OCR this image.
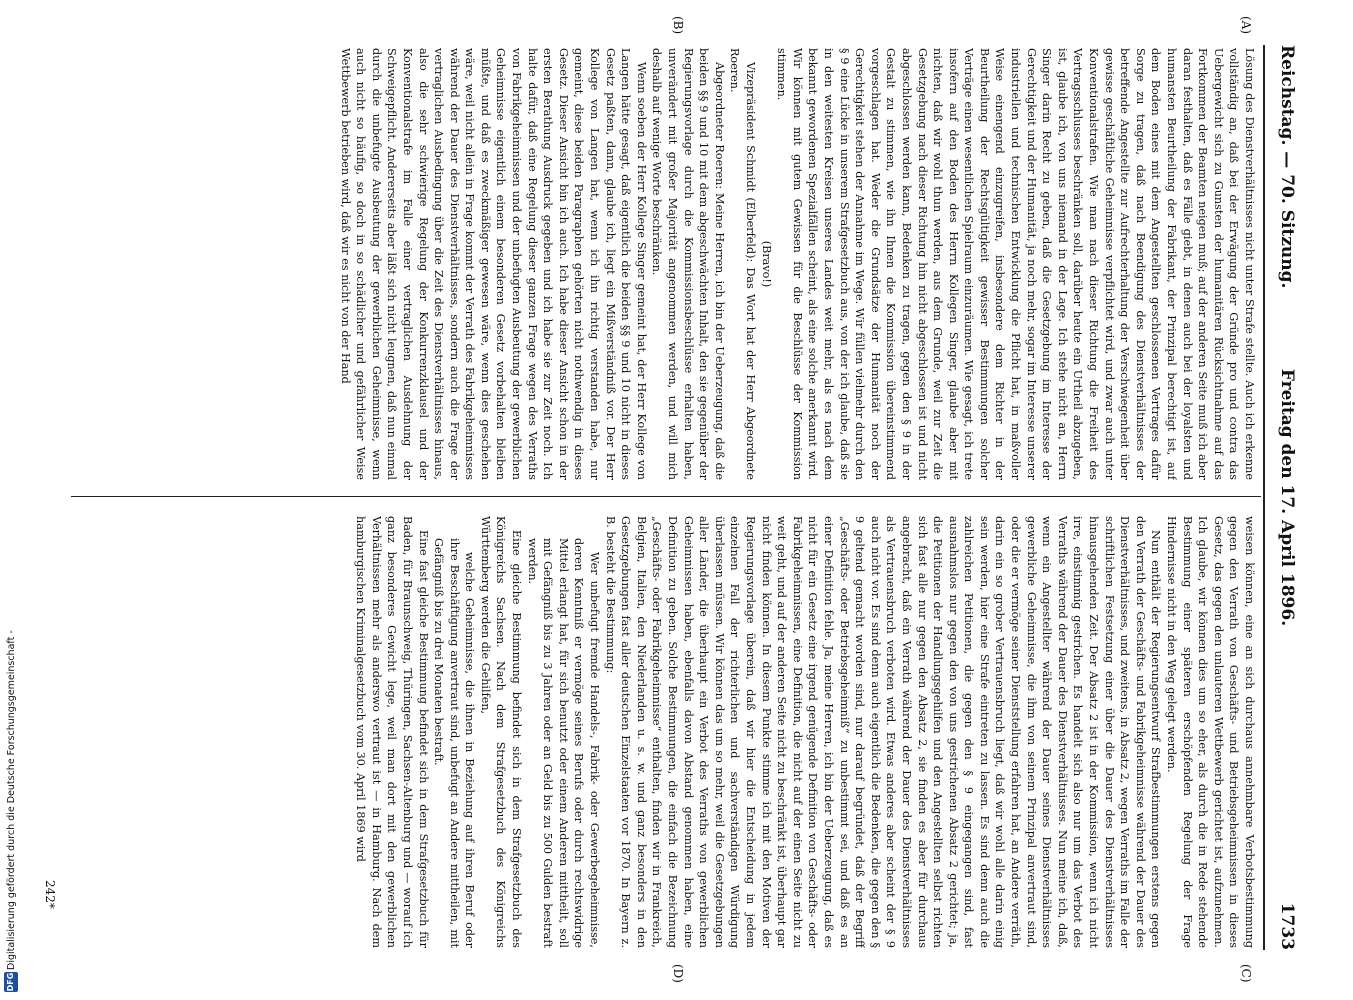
Reichstag. — 70. Sitzung.
Freitag den 17. April 1896.
1733
(A)
(B)
(C)
(D)

Lösung des Dienstverhältnisses nicht unter Strafe stellte. Auch ich erkenne vollständig an, daß bei der Erwägung der Gründe pro und contra das Uebergewicht sich zu Gunsten der humanitären Rücksichtnahme auf das Fortkommen der Beamten neigen muß; auf der anderen Seite muß ich aber daran festhalten, daß es Fälle giebt, in denen auch bei der loyalsten und humansten Beurtheilung der Fabrikant, der Prinzipal berechtigt ist, auf dem Boden eines mit dem Angestellten geschlossenen Vertrages dafür Sorge zu tragen, daß nach Beendigung des Dienstverhältnisses der betreffende Angestellte zur Aufrechterhaltung der Verschwiegenheit über gewisse geschäftliche Geheimnisse verpflichtet wird, und zwar auch unter Konventionalstrafen. Wie man nach dieser Richtung die Freiheit des Vertragsschlusses beschränken soll, darüber heute ein Urtheil abzugeben, ist, glaube ich, von uns niemand in der Lage. Ich stehe nicht an, Herrn Singer darin Recht zu geben, daß die Gesetzgebung im Interesse der Gerechtigkeit und der Humanität, ja noch mehr, sogar im Interesse unserer industriellen und technischen Entwicklung die Pflicht hat, in maßvoller Weise einengend einzugreifen, insbesondere dem Richter in der Beurtheilung der Rechtsgültigkeit gewisser Bestimmungen solcher Verträge einen wesentlichen Spielraum einzuräumen. Wie gesagt, ich trete insofern auf den Boden des Herrn Kollegen Singer, glaube aber mit nichten, daß wir wohl thun werden, aus dem Grunde, weil zur Zeit die Gesetzgebung nach dieser Richtung hin nicht abgeschlossen ist und nicht abgeschlossen werden kann, Bedenken zu tragen, gegen den § 9 in der Gestalt zu stimmen, wie ihn Ihnen die Kommission übereinstimmend vorgeschlagen hat. Weder die Grundsätze der Humanität noch der Gerechtigkeit stehen der Annahme im Wege. Wir füllen vielmehr durch den § 9 eine Lücke in unserem Strafgesetzbuch aus, von der ich glaube, daß sie in den weitesten Kreisen unseres Landes weit mehr, als es nach dem bekannt gewordenen Spezialfällen scheint, als eine solche anerkannt wird. Wir können mit gutem Gewissen für die Beschlüsse der Kommission stimmen.

(Bravo!)

Vizepräsident Schmidt (Elberfeld): Das Wort hat der Herr Abgeordnete Roeren.

Abgeordneter Roeren: Meine Herren, ich bin der Ueberzeugung, daß die beiden §§ 9 und 10 mit dem abgeschwächten Inhalt, den sie gegenüber der Regierungsvorlage durch die Kommissionsbeschlüsse erhalten haben, unverändert mit großer Majorität angenommen werden, und will mich deshalb auf wenige Worte beschränken.

Wenn soeben der Herr Kollege Singer gemeint hat, der Herr Kollege von Langen hätte gesagt, daß eigentlich die beiden §§ 9 und 10 nicht in dieses Gesetz paßten, dann, glaube ich, liegt ein Mißverständniß vor. Der Herr Kollege von Langen hat, wenn ich ihn richtig verstanden habe, nur gemeint, diese beiden Paragraphen gehörten nicht nothwendig in dieses Gesetz. Dieser Ansicht bin ich auch. Ich habe dieser Ansicht schon in der ersten Berathung Ausdruck gegeben und ich habe sie zur Zeit noch. Ich halte dafür, daß eine Regelung dieser ganzen Frage wegen des Verraths von Fabrikgeheimnissen und der unbefugten Ausbeutung der gewerblichen Geheimnisse eigentlich einem besonderen Gesetz vorbehalten bleiben müßte, und daß es zweckmäßiger gewesen wäre, wenn dies geschehen wäre, weil nicht allein in Frage kommt der Verrath des Fabrikgeheimnisses während der Dauer des Dienstverhältnisses, sondern auch die Frage der vertraglichen Ausbedingung über die Zeit des Dienstverhältnisses hinaus, also die sehr schwierige Regelung der Konkurrenzklausel und der Konventionalstrafe im Falle einer vertraglichen Ausdehnung der Schweigepflicht. Andererseits aber läßt sich nicht leugnen, daß nun einmal durch die unbefugte Ausbeutung der gewerblichen Geheimnisse, wenn auch nicht so häufig, so doch in so schädlicher und gefährlicher Weise Wettbewerb betrieben wird, daß wir es nicht von der Hand

weisen können, eine an sich durchaus annehmbare Verbotsbestimmung gegen den Verrath von Geschäfts- und Betriebsgeheimnissen in dieses Gesetz, das gegen den unlauteren Wettbewerb gerichtet ist, aufzunehmen. Ich glaube, wir können dies um so eher, als durch die in Rede stehende Bestimmung einer späteren erschöpfenden Regelung der Frage Hindernisse nicht in den Weg gelegt werden.

Nun enthält der Regierungsentwurf Strafbestimmungen erstens gegen den Verrath der Geschäfts- und Fabrikgeheimnisse während der Dauer des Dienstverhältnisses, und zweitens, in Absatz 2, wegen Verraths im Falle der schriftlichen Festsetzung einer über die Dauer des Dienstverhältnisses hinausgehenden Zeit. Der Absatz 2 ist in der Kommission, wenn ich nicht irre, einstimmig gestrichen. Es handelt sich also nur um das Verbot des Verraths während der Dauer des Dienstverhältnisses. Nun meine ich, daß, wenn ein Angestellter während der Dauer seines Dienstverhältnisses gewerbliche Geheimnisse, die ihm von seinem Prinzipal anvertraut sind, oder die er vermöge seiner Dienststellung erfahren hat, an Andere verräth, darin ein so grober Vertrauensbruch liegt, daß wir wohl alle darin einig sein werden, hier eine Strafe eintreten zu lassen. Es sind denn auch die zahlreichen Petitionen, die gegen den § 9 eingegangen sind, fast ausnahmslos nur gegen den von uns gestrichenen Absatz 2 gerichtet; ja, die Petitionen der Handlungsgehilfen und den Angestellten selbst richten sich fast alle nur gegen den Absatz 2, sie finden es aber für durchaus angebracht, daß ein Verrath während der Dauer des Dienstverhältnisses als Vertrauensbruch verboten wird. Etwas anderes aber scheint der § 9 auch nicht vor. Es sind denn auch eigentlich die Bedenken, die gegen den § 9 geltend gemacht worden sind, nur darauf begründet, daß der Begriff „Geschäfts- oder Betriebsgeheimniß“ zu unbestimmt sei, und daß es an einer Definition fehle. Ja, meine Herren, ich bin der Ueberzeugung, daß es nicht für ein Gesetz eine irgend genügende Definition von Geschäfts- oder Fabrikgeheimnissen, eine Definition, die nicht auf der einen Seite nicht zu weit geht, und auf der anderen Seite nicht zu beschränkt ist, überhaupt gar nicht finden können. In diesem Punkte stimme ich mit den Motiven der Regierungsvorlage überein, daß wir hier die Entscheidung in jedem einzelnen Fall der richterlichen und sachverständigen Würdigung überlassen müssen. Wir können das um so mehr, weil die Gesetzgebungen aller Länder, die überhaupt ein Verbot des Verraths von gewerblichen Geheimnissen haben, ebenfalls davon Abstand genommen haben, eine Definition zu geben. Solche Bestimmungen, die einfach die Bezeichnung „Geschäfts- oder Fabrikgeheimnisse“ enthalten, finden wir in Frankreich, Belgien, Italien, den Niederlanden u. s. w. und ganz besonders in den Gesetzgebungen fast aller deutschen Einzelstaaten vor 1870. In Bayern z. B. besteht die Bestimmung:

Wer unbefugt fremde Handels-, Fabrik- oder Gewerbegeheimnisse, deren Kenntniß er vermöge seines Berufs oder durch rechtswidrige Mittel erlangt hat, für sich benutzt oder einem Anderen mittheilt, soll mit Gefängniß bis zu 3 Jahren oder an Geld bis zu 500 Gulden bestraft werden.

Eine gleiche Bestimmung befindet sich in dem Strafgesetzbuch des Königreichs Sachsen. Nach dem Strafgesetzbuch des Königreichs Württemberg werden die Gehilfen,

welche Geheimnisse, die ihnen in Beziehung auf ihren Beruf oder ihre Beschäftigung anvertraut sind, unbefugt an Andere mittheilen, mit Gefängniß bis zu drei Monaten bestraft.

Eine fast gleiche Bestimmung befindet sich in dem Strafgesetzbuch für Baden, für Braunschweig, Thüringen, Sachsen-Altenburg und — worauf ich ganz besonderes Gewicht lege, weil man dort mit den gewerblichen Verhältnissen mehr als anderswo vertraut ist — in Hamburg. Nach dem hamburgischen Kriminalgesetzbuch vom 30. April 1869 wird

242*
Digitalisierung gefördert durch die Deutsche Forschungsgemeinschaft -
DFG
